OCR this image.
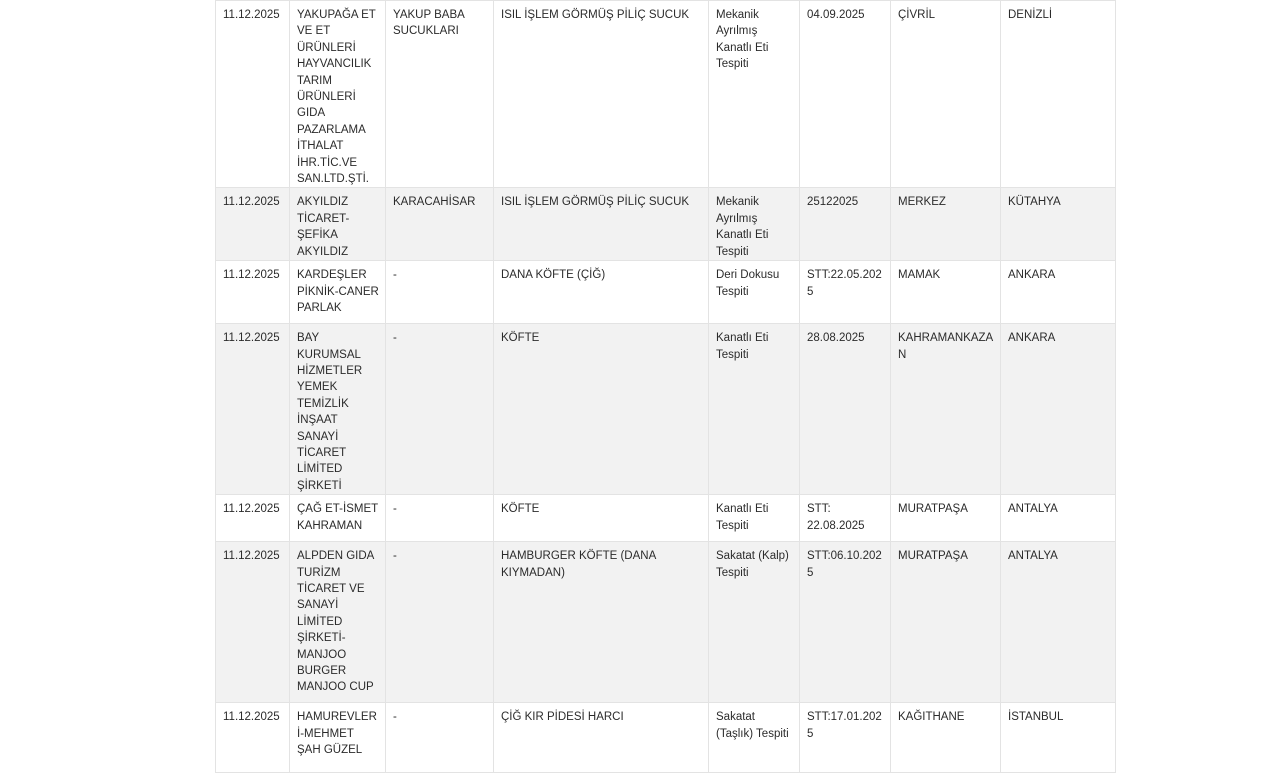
11.12.2025	YAKUPAĞA ET VE ET ÜRÜNLERİ HAYVANCILIK TARIM ÜRÜNLERİ GIDA PAZARLAMA İTHALAT İHR.TİC.VE SAN.LTD.ŞTİ.	YAKUP BABA SUCUKLARI	ISIL İŞLEM GÖRMÜŞ PİLİÇ SUCUK	Mekanik Ayrılmış Kanatlı Eti Tespiti	04.09.2025	ÇİVRİL	DENİZLİ
11.12.2025	AKYILDIZ TİCARET-ŞEFİKA AKYILDIZ	KARACAHİSAR	ISIL İŞLEM GÖRMÜŞ PİLİÇ SUCUK	Mekanik Ayrılmış Kanatlı Eti Tespiti	25122025	MERKEZ	KÜTAHYA
11.12.2025	KARDEŞLER PİKNİK-CANER PARLAK	-	DANA KÖFTE (ÇİĞ)	Deri Dokusu Tespiti	STT:22.05.2025	MAMAK	ANKARA
11.12.2025	BAY KURUMSAL HİZMETLER YEMEK TEMİZLİK İNŞAAT SANAYİ TİCARET LİMİTED ŞİRKETİ	-	KÖFTE	Kanatlı Eti Tespiti	28.08.2025	KAHRAMANKAZAN	ANKARA
11.12.2025	ÇAĞ ET-İSMET KAHRAMAN	-	KÖFTE	Kanatlı Eti Tespiti	STT: 22.08.2025	MURATPAŞA	ANTALYA
11.12.2025	ALPDEN GIDA TURİZM TİCARET VE SANAYİ LİMİTED ŞİRKETİ-MANJOO BURGER MANJOO CUP	-	HAMBURGER KÖFTE (DANA KIYMADAN)	Sakatat (Kalp) Tespiti	STT:06.10.2025	MURATPAŞA	ANTALYA
11.12.2025	HAMUREVLERİ-MEHMET ŞAH GÜZEL	-	ÇİĞ KIR PİDESİ HARCI	Sakatat (Taşlık) Tespiti	STT:17.01.2025	KAĞITHANE	İSTANBUL
